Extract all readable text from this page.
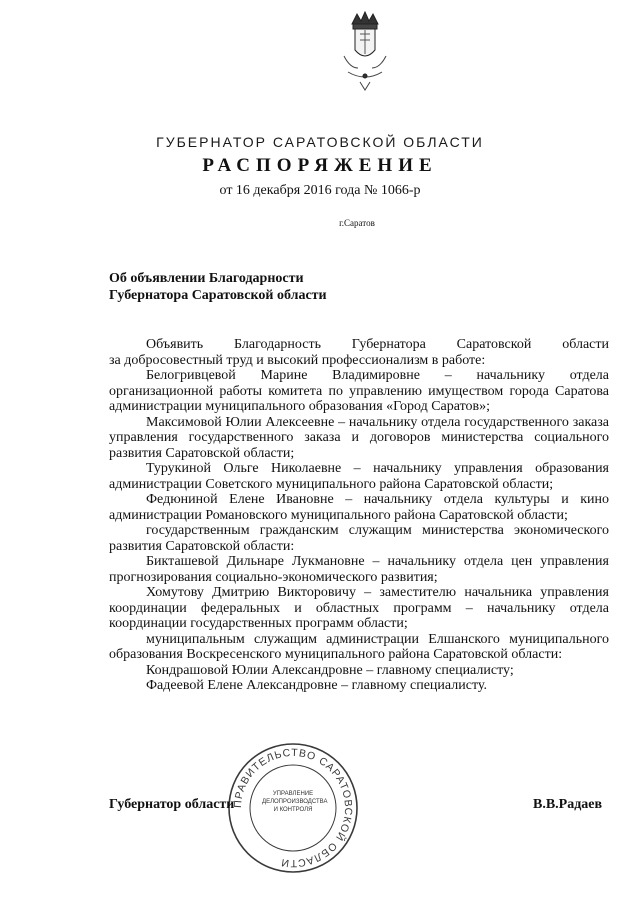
ГУБЕРНАТОР САРАТОВСКОЙ ОБЛАСТИ
РАСПОРЯЖЕНИЕ
от 16 декабря 2016 года № 1066-р
г.Саратов
Об объявлении Благодарности
Губернатора Саратовской области

Объявить Благодарность Губернатора Саратовской области

за добросовестный труд и высокий профессионализм в работе:

Белогривцевой Марине Владимировне – начальнику отдела организационной работы комитета по управлению имуществом города Саратова администрации муниципального образования «Город Саратов»;

Максимовой Юлии Алексеевне – начальнику отдела государственного заказа управления государственного заказа и договоров министерства социального развития Саратовской области;

Турукиной Ольге Николаевне – начальнику управления образования администрации Советского муниципального района Саратовской области;

Федюниной Елене Ивановне – начальнику отдела культуры и кино администрации Романовского муниципального района Саратовской области;

государственным гражданским служащим министерства экономического развития Саратовской области:

Бикташевой Дильнаре Лукмановне – начальнику отдела цен управления прогнозирования социально-экономического развития;

Хомутову Дмитрию Викторовичу – заместителю начальника управления координации федеральных и областных программ – начальнику отдела координации государственных программ области;

муниципальным служащим администрации Елшанского муниципального образования Воскресенского муниципального района Саратовской области:

Кондрашовой Юлии Александровне – главному специалисту;

Фадеевой Елене Александровне – главному специалисту.

ПРАВИТЕЛЬСТВО САРАТОВСКОЙ ОБЛАСТИ
УПРАВЛЕНИЕ ДЕЛОПРОИЗВОДСТВА И КОНТРОЛЯ
Губернатор области	В.В.Радаев
